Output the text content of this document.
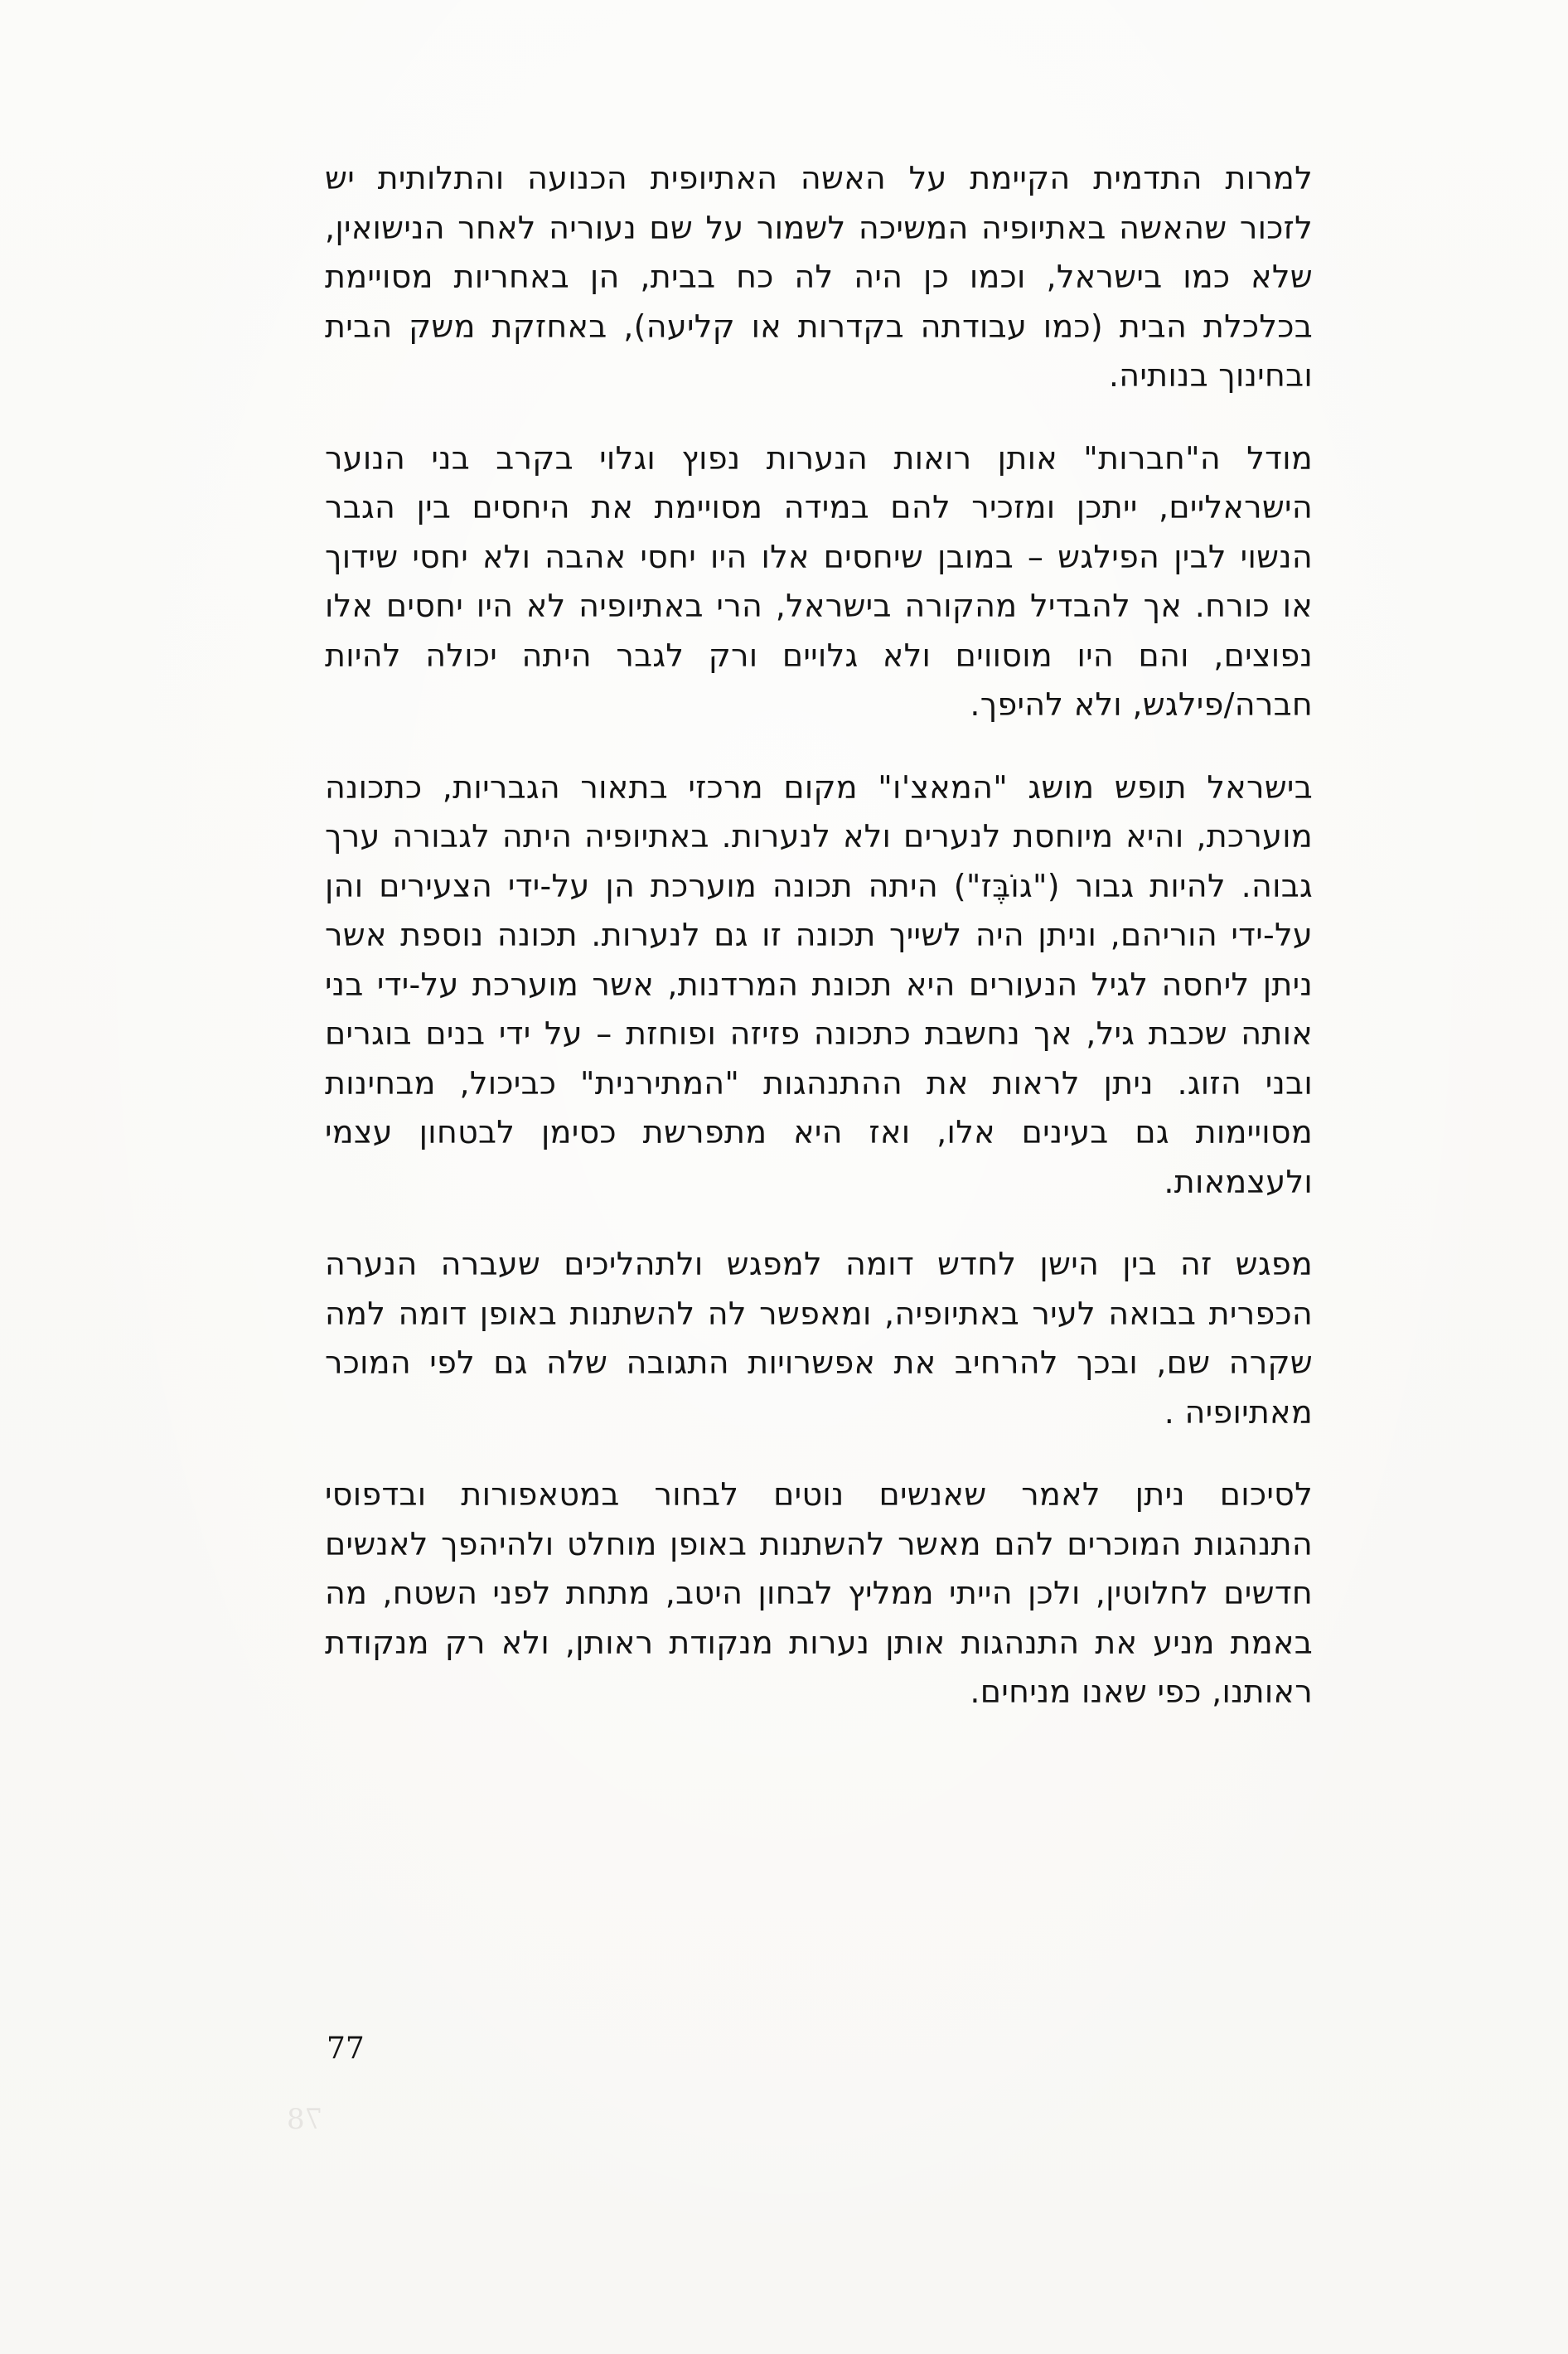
למרות התדמית הקיימת על האשה האתיופית הכנועה והתלותית יש
לזכור שהאשה באתיופיה המשיכה לשמור על שם נעוריה לאחר הנישואין,
שלא כמו בישראל, וכמו כן היה לה כח בבית, הן באחריות מסויימת
בכלכלת הבית (כמו עבודתה בקדרות או קליעה), באחזקת משק הבית
ובחינוך בנותיה.
מודל ה"חברות" אותן רואות הנערות נפוץ וגלוי בקרב בני הנוער
הישראליים, ייתכן ומזכיר להם במידה מסויימת את היחסים בין הגבר
הנשוי לבין הפילגש – במובן שיחסים אלו היו יחסי אהבה ולא יחסי שידוך
או כורח. אך להבדיל מהקורה בישראל, הרי באתיופיה לא היו יחסים אלו
נפוצים, והם היו מוסווים ולא גלויים ורק לגבר היתה יכולה להיות
חברה/פילגש, ולא להיפך.
בישראל תופש מושג "המאצ'ו" מקום מרכזי בתאור הגבריות, כתכונה
מוערכת, והיא מיוחסת לנערים ולא לנערות. באתיופיה היתה לגבורה ערך
גבוה. להיות גבור ("גוֹבֶּז") היתה תכונה מוערכת הן על-ידי הצעירים והן
על-ידי הוריהם, וניתן היה לשייך תכונה זו גם לנערות. תכונה נוספת אשר
ניתן ליחסה לגיל הנעורים היא תכונת המרדנות, אשר מוערכת על-ידי בני
אותה שכבת גיל, אך נחשבת כתכונה פזיזה ופוחזת – על ידי בנים בוגרים
ובני הזוג. ניתן לראות את ההתנהגות "המתירנית" כביכול, מבחינות
מסויימות גם בעינים אלו, ואז היא מתפרשת כסימן לבטחון עצמי
ולעצמאות.
מפגש זה בין הישן לחדש דומה למפגש ולתהליכים שעברה הנערה
הכפרית בבואה לעיר באתיופיה, ומאפשר לה להשתנות באופן דומה למה
שקרה שם, ובכך להרחיב את אפשרויות התגובה שלה גם לפי המוכר
מאתיופיה .
לסיכום ניתן לאמר שאנשים נוטים לבחור במטאפורות ובדפוסי
התנהגות המוכרים להם מאשר להשתנות באופן מוחלט ולהיהפך לאנשים
חדשים לחלוטין, ולכן הייתי ממליץ לבחון היטב, מתחת לפני השטח, מה
באמת מניע את התנהגות אותן נערות מנקודת ראותן, ולא רק מנקודת
ראותנו, כפי שאנו מניחים.
77
78
